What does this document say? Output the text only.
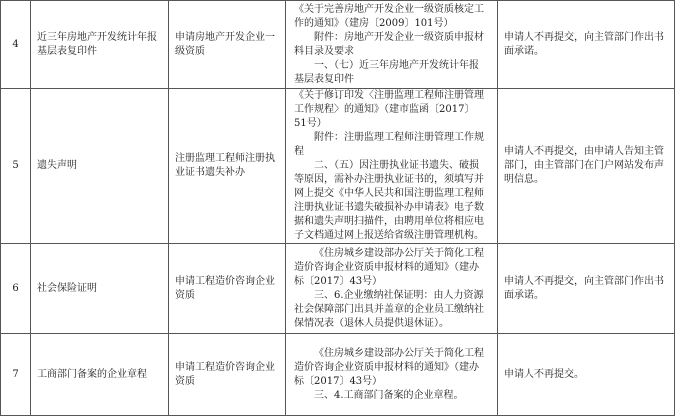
4	近三年房地产开发统计年报基层表复印件	申请房地产开发企业一级资质	《关于完善房地产开发企业一级资质核定工作的通知》（建房〔2009〕101号）
附件：房地产开发企业一级资质申报材料目录及要求
一、（七）近三年房地产开发统计年报基层表复印件	申请人不再提交，向主管部门作出书面承诺。
5	遗失声明	注册监理工程师注册执业证书遗失补办	《关于修订印发〈注册监理工程师注册管理工作规程〉的通知》（建市监函〔2017〕51号）
附件：注册监理工程师注册管理工作规程
二、（五）因注册执业证书遗失、破损等原因，需补办注册执业证书的，须填写并网上提交《中华人民共和国注册监理工程师注册执业证书遗失破损补办申请表》电子数据和遗失声明扫描件，由聘用单位将相应电子文档通过网上报送给省级注册管理机构。	申请人不再提交，由申请人告知主管部门，由主管部门在门户网站发布声明信息。
6	社会保险证明	申请工程造价咨询企业资质	《住房城乡建设部办公厅关于简化工程造价咨询企业资质申报材料的通知》（建办标〔2017〕43号）
三、6.企业缴纳社保证明：由人力资源社会保障部门出具并盖章的企业员工缴纳社保情况表（退休人员提供退休证）。	申请人不再提交，向主管部门作出书面承诺。
7	工商部门备案的企业章程	申请工程造价咨询企业资质	《住房城乡建设部办公厅关于简化工程造价咨询企业资质申报材料的通知》（建办标〔2017〕43号）
三、4.工商部门备案的企业章程。	申请人不再提交。
